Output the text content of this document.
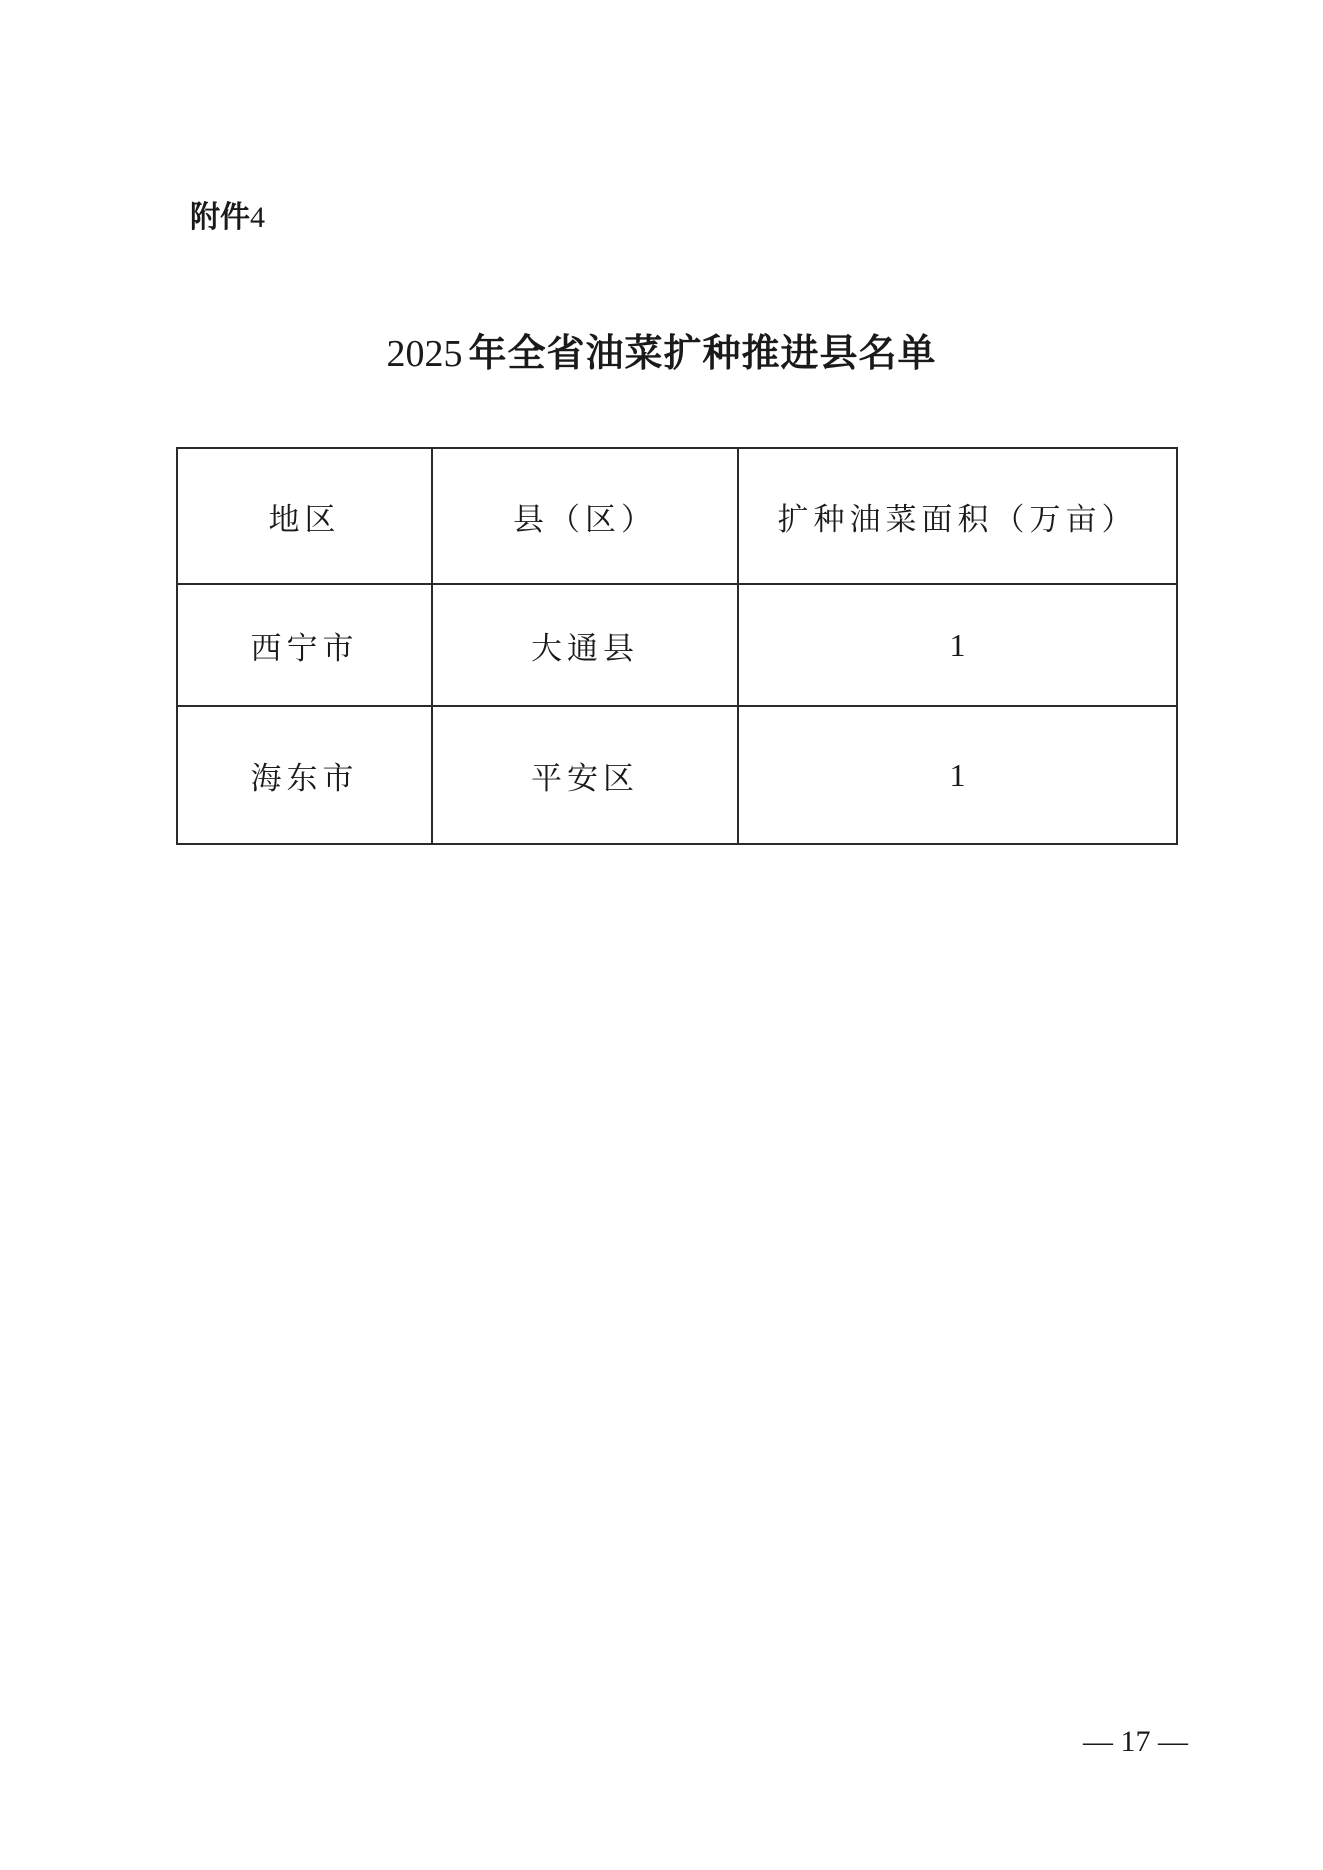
附件4
2025 年全省油菜扩种推进县名单
地区	县（区）	扩种油菜面积（万亩）
西宁市	大通县	1
海东市	平安区	1
— 17 —
